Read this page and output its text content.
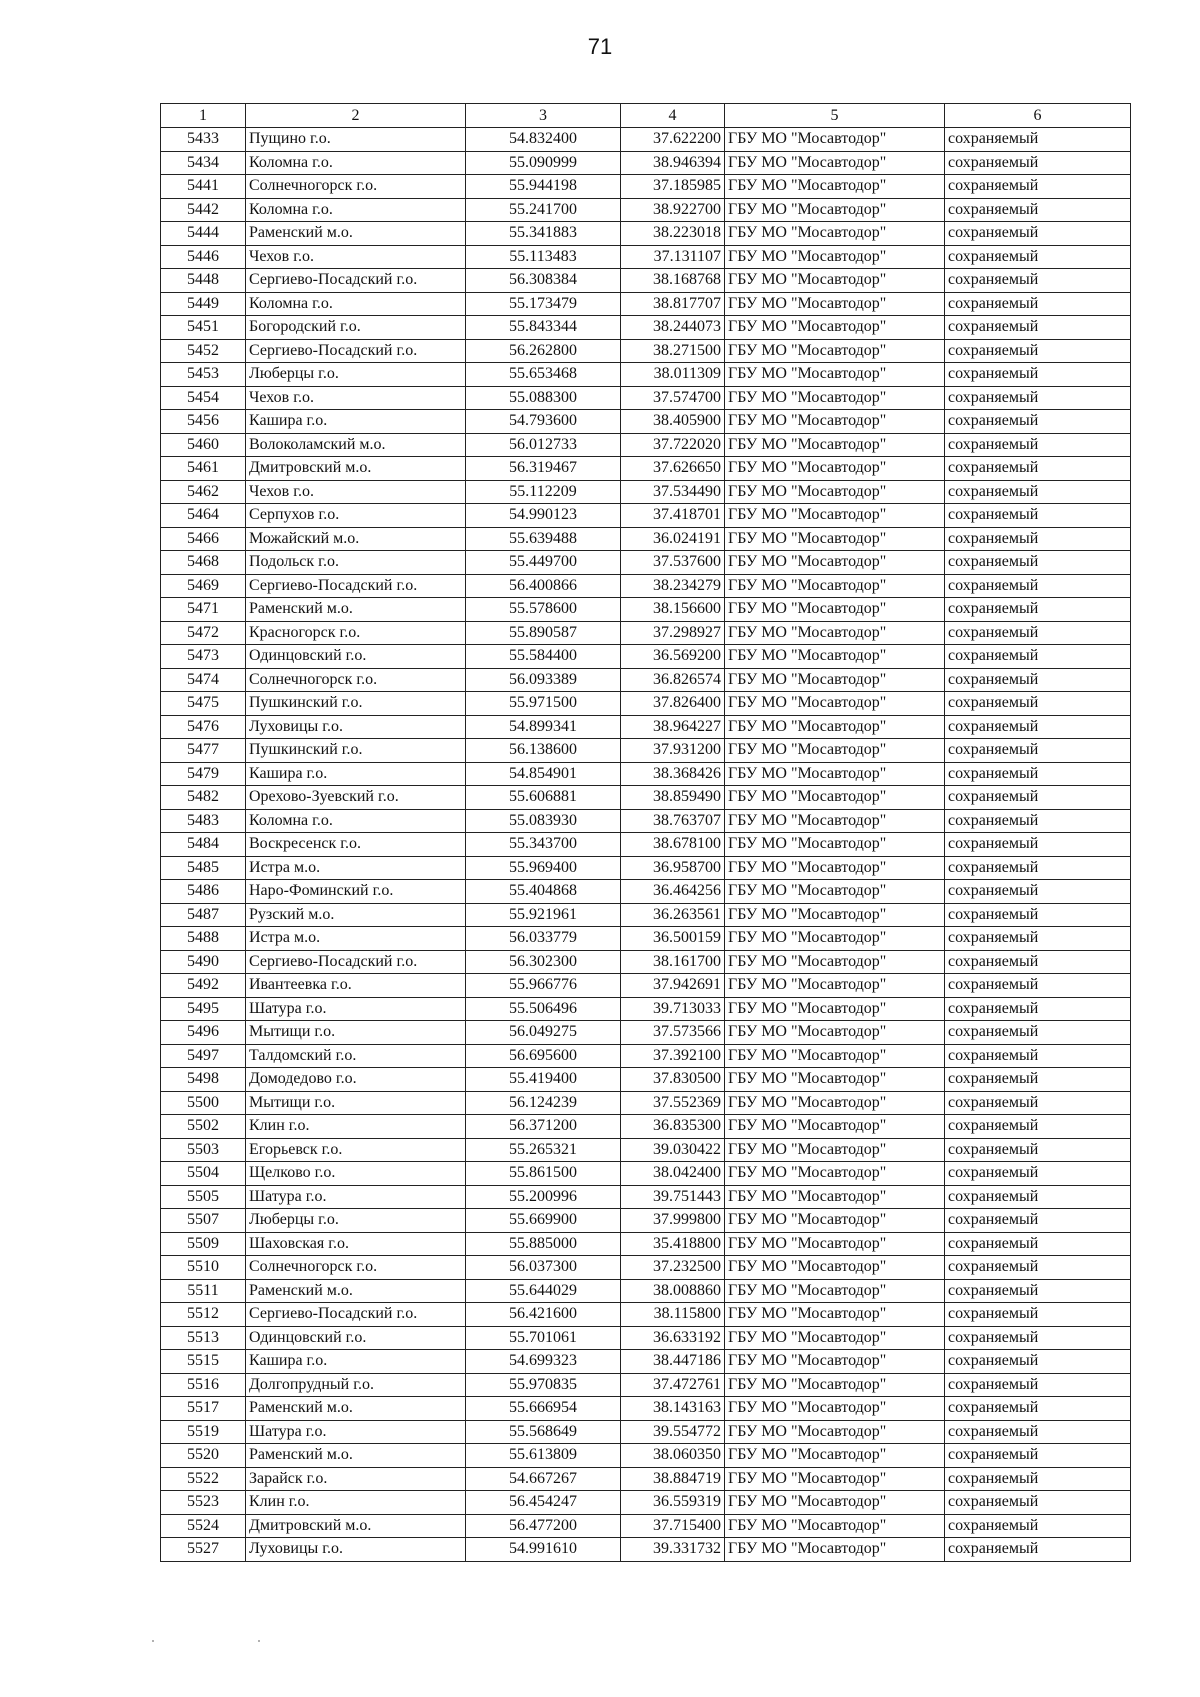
71
1	2	3	4	5	6
5433	Пущино г.о.	54.832400	37.622200	ГБУ МО "Мосавтодор"	сохраняемый
5434	Коломна г.о.	55.090999	38.946394	ГБУ МО "Мосавтодор"	сохраняемый
5441	Солнечногорск г.о.	55.944198	37.185985	ГБУ МО "Мосавтодор"	сохраняемый
5442	Коломна г.о.	55.241700	38.922700	ГБУ МО "Мосавтодор"	сохраняемый
5444	Раменский м.о.	55.341883	38.223018	ГБУ МО "Мосавтодор"	сохраняемый
5446	Чехов г.о.	55.113483	37.131107	ГБУ МО "Мосавтодор"	сохраняемый
5448	Сергиево-Посадский г.о.	56.308384	38.168768	ГБУ МО "Мосавтодор"	сохраняемый
5449	Коломна г.о.	55.173479	38.817707	ГБУ МО "Мосавтодор"	сохраняемый
5451	Богородский г.о.	55.843344	38.244073	ГБУ МО "Мосавтодор"	сохраняемый
5452	Сергиево-Посадский г.о.	56.262800	38.271500	ГБУ МО "Мосавтодор"	сохраняемый
5453	Люберцы г.о.	55.653468	38.011309	ГБУ МО "Мосавтодор"	сохраняемый
5454	Чехов г.о.	55.088300	37.574700	ГБУ МО "Мосавтодор"	сохраняемый
5456	Кашира г.о.	54.793600	38.405900	ГБУ МО "Мосавтодор"	сохраняемый
5460	Волоколамский м.о.	56.012733	37.722020	ГБУ МО "Мосавтодор"	сохраняемый
5461	Дмитровский м.о.	56.319467	37.626650	ГБУ МО "Мосавтодор"	сохраняемый
5462	Чехов г.о.	55.112209	37.534490	ГБУ МО "Мосавтодор"	сохраняемый
5464	Серпухов г.о.	54.990123	37.418701	ГБУ МО "Мосавтодор"	сохраняемый
5466	Можайский м.о.	55.639488	36.024191	ГБУ МО "Мосавтодор"	сохраняемый
5468	Подольск г.о.	55.449700	37.537600	ГБУ МО "Мосавтодор"	сохраняемый
5469	Сергиево-Посадский г.о.	56.400866	38.234279	ГБУ МО "Мосавтодор"	сохраняемый
5471	Раменский м.о.	55.578600	38.156600	ГБУ МО "Мосавтодор"	сохраняемый
5472	Красногорск г.о.	55.890587	37.298927	ГБУ МО "Мосавтодор"	сохраняемый
5473	Одинцовский г.о.	55.584400	36.569200	ГБУ МО "Мосавтодор"	сохраняемый
5474	Солнечногорск г.о.	56.093389	36.826574	ГБУ МО "Мосавтодор"	сохраняемый
5475	Пушкинский г.о.	55.971500	37.826400	ГБУ МО "Мосавтодор"	сохраняемый
5476	Луховицы г.о.	54.899341	38.964227	ГБУ МО "Мосавтодор"	сохраняемый
5477	Пушкинский г.о.	56.138600	37.931200	ГБУ МО "Мосавтодор"	сохраняемый
5479	Кашира г.о.	54.854901	38.368426	ГБУ МО "Мосавтодор"	сохраняемый
5482	Орехово-Зуевский г.о.	55.606881	38.859490	ГБУ МО "Мосавтодор"	сохраняемый
5483	Коломна г.о.	55.083930	38.763707	ГБУ МО "Мосавтодор"	сохраняемый
5484	Воскресенск г.о.	55.343700	38.678100	ГБУ МО "Мосавтодор"	сохраняемый
5485	Истра м.о.	55.969400	36.958700	ГБУ МО "Мосавтодор"	сохраняемый
5486	Наро-Фоминский г.о.	55.404868	36.464256	ГБУ МО "Мосавтодор"	сохраняемый
5487	Рузский м.о.	55.921961	36.263561	ГБУ МО "Мосавтодор"	сохраняемый
5488	Истра м.о.	56.033779	36.500159	ГБУ МО "Мосавтодор"	сохраняемый
5490	Сергиево-Посадский г.о.	56.302300	38.161700	ГБУ МО "Мосавтодор"	сохраняемый
5492	Ивантеевка г.о.	55.966776	37.942691	ГБУ МО "Мосавтодор"	сохраняемый
5495	Шатура г.о.	55.506496	39.713033	ГБУ МО "Мосавтодор"	сохраняемый
5496	Мытищи г.о.	56.049275	37.573566	ГБУ МО "Мосавтодор"	сохраняемый
5497	Талдомский г.о.	56.695600	37.392100	ГБУ МО "Мосавтодор"	сохраняемый
5498	Домодедово г.о.	55.419400	37.830500	ГБУ МО "Мосавтодор"	сохраняемый
5500	Мытищи г.о.	56.124239	37.552369	ГБУ МО "Мосавтодор"	сохраняемый
5502	Клин г.о.	56.371200	36.835300	ГБУ МО "Мосавтодор"	сохраняемый
5503	Егорьевск г.о.	55.265321	39.030422	ГБУ МО "Мосавтодор"	сохраняемый
5504	Щелково г.о.	55.861500	38.042400	ГБУ МО "Мосавтодор"	сохраняемый
5505	Шатура г.о.	55.200996	39.751443	ГБУ МО "Мосавтодор"	сохраняемый
5507	Люберцы г.о.	55.669900	37.999800	ГБУ МО "Мосавтодор"	сохраняемый
5509	Шаховская г.о.	55.885000	35.418800	ГБУ МО "Мосавтодор"	сохраняемый
5510	Солнечногорск г.о.	56.037300	37.232500	ГБУ МО "Мосавтодор"	сохраняемый
5511	Раменский м.о.	55.644029	38.008860	ГБУ МО "Мосавтодор"	сохраняемый
5512	Сергиево-Посадский г.о.	56.421600	38.115800	ГБУ МО "Мосавтодор"	сохраняемый
5513	Одинцовский г.о.	55.701061	36.633192	ГБУ МО "Мосавтодор"	сохраняемый
5515	Кашира г.о.	54.699323	38.447186	ГБУ МО "Мосавтодор"	сохраняемый
5516	Долгопрудный г.о.	55.970835	37.472761	ГБУ МО "Мосавтодор"	сохраняемый
5517	Раменский м.о.	55.666954	38.143163	ГБУ МО "Мосавтодор"	сохраняемый
5519	Шатура г.о.	55.568649	39.554772	ГБУ МО "Мосавтодор"	сохраняемый
5520	Раменский м.о.	55.613809	38.060350	ГБУ МО "Мосавтодор"	сохраняемый
5522	Зарайск г.о.	54.667267	38.884719	ГБУ МО "Мосавтодор"	сохраняемый
5523	Клин г.о.	56.454247	36.559319	ГБУ МО "Мосавтодор"	сохраняемый
5524	Дмитровский м.о.	56.477200	37.715400	ГБУ МО "Мосавтодор"	сохраняемый
5527	Луховицы г.о.	54.991610	39.331732	ГБУ МО "Мосавтодор"	сохраняемый
